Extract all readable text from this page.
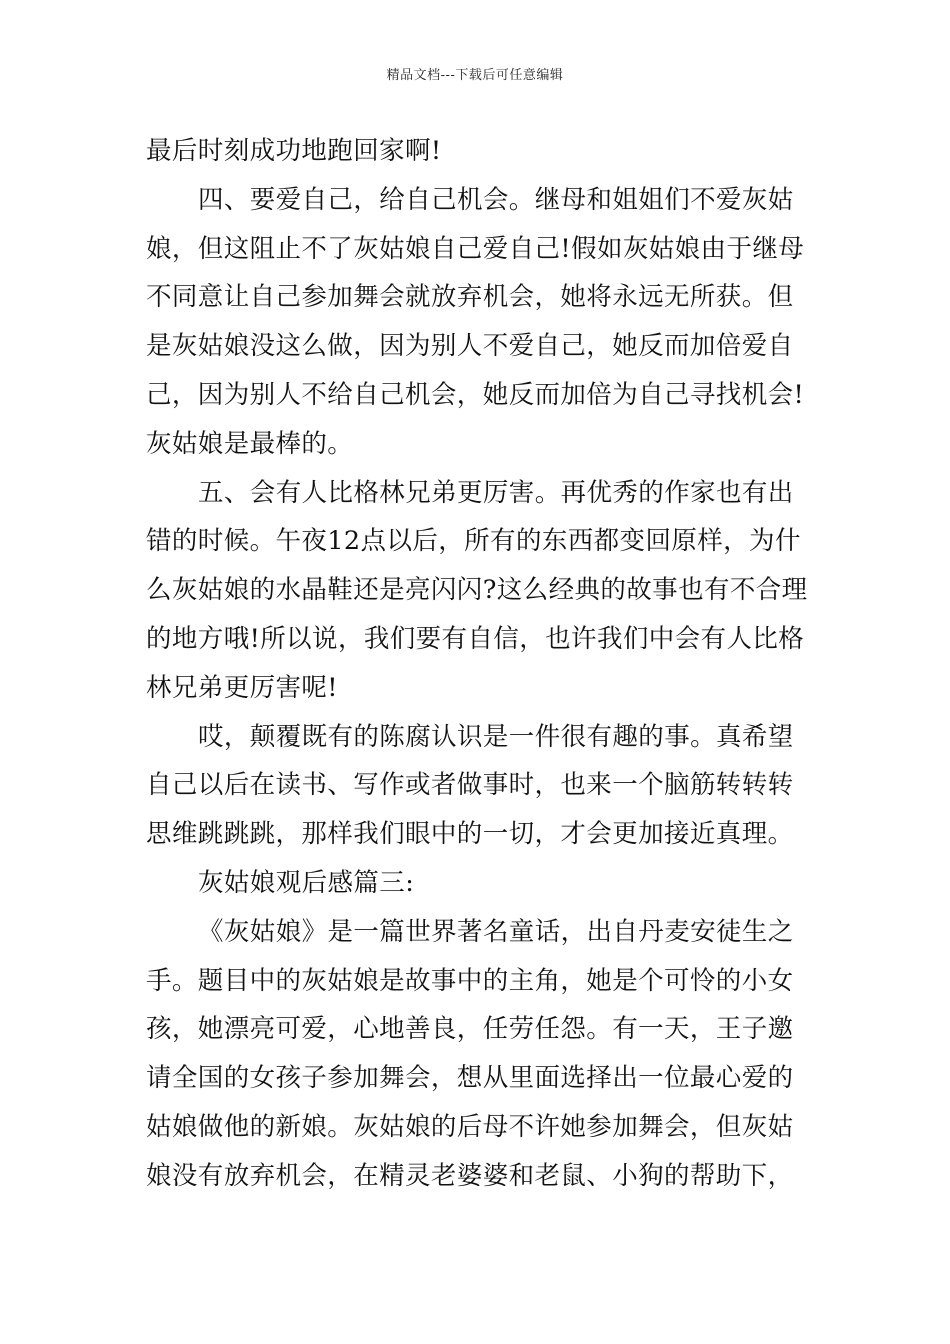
精品文档---下载后可任意编辑
最后时刻成功地跑回家啊!
四、要爱自己，给自己机会。继母和姐姐们不爱灰姑
娘，但这阻止不了灰姑娘自己爱自己!假如灰姑娘由于继母
不同意让自己参加舞会就放弃机会，她将永远无所获。但
是灰姑娘没这么做，因为别人不爱自己，她反而加倍爱自
己，因为别人不给自己机会，她反而加倍为自己寻找机会!
灰姑娘是最棒的。
五、会有人比格林兄弟更厉害。再优秀的作家也有出
错的时候。午夜12点以后，所有的东西都变回原样，为什
么灰姑娘的水晶鞋还是亮闪闪?这么经典的故事也有不合理
的地方哦!所以说，我们要有自信，也许我们中会有人比格
林兄弟更厉害呢!
哎，颠覆既有的陈腐认识是一件很有趣的事。真希望
自己以后在读书、写作或者做事时，也来一个脑筋转转转
思维跳跳跳，那样我们眼中的一切，才会更加接近真理。
灰姑娘观后感篇三:
《灰姑娘》是一篇世界著名童话，出自丹麦安徒生之
手。题目中的灰姑娘是故事中的主角，她是个可怜的小女
孩，她漂亮可爱，心地善良，任劳任怨。有一天，王子邀
请全国的女孩子参加舞会，想从里面选择出一位最心爱的
姑娘做他的新娘。灰姑娘的后母不许她参加舞会，但灰姑
娘没有放弃机会，在精灵老婆婆和老鼠、小狗的帮助下，
